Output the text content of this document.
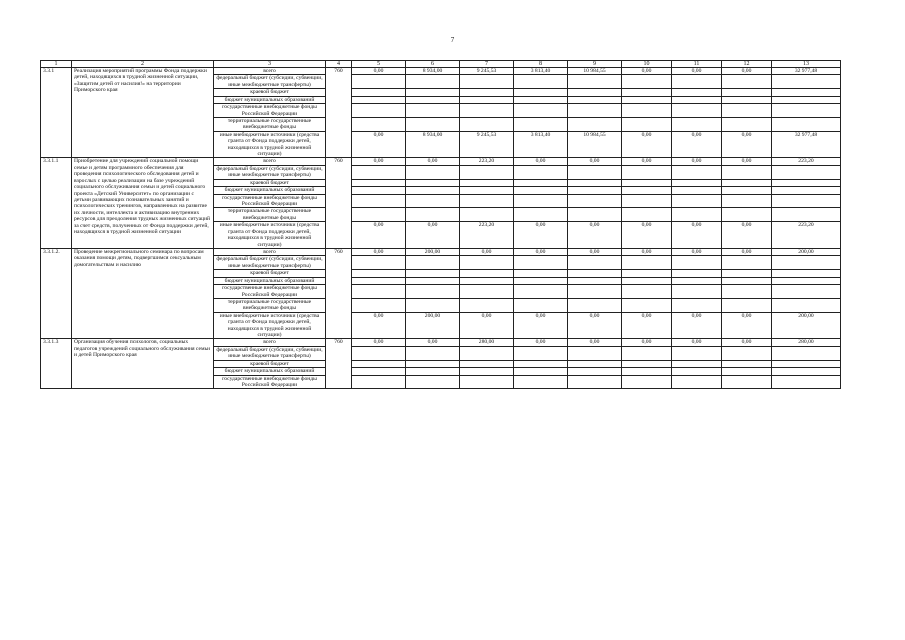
7
1	2	3	4	5	6	7	8	9	10	11	12	13
3.3.1	Реализация мероприятий программы Фонда поддержки детей, находящихся в трудной жизненной ситуации, «Защитим детей от насилия!» на территории Приморского края	всего	760	0,00	8 934,00	9 245,53	3 813,40	10 984,55	0,00	0,00	0,00	32 977,48
		федеральный бюджет (субсидии, субвенции, иные межбюджетные трансферты)										
		краевой бюджет										
		бюджет муниципальных образований										
		государственные внебюджетные фонды Российской Федерации										
		территориальные государственные внебюджетные фонды										
		иные внебюджетные источники (средства гранта от Фонда поддержки детей, находящихся в трудной жизненной ситуации)		0,00	8 934,00	9 245,53	3 813,40	10 984,55	0,00	0,00	0,00	32 977,48
3.3.1.1	Приобретение для учреждений социальной помощи семье и детям программного обеспечения для проведения психологического обследования детей и взрослых с целью реализации на базе учреждений социального обслуживания семьи и детей социального проекта «Детский Университет» по организации с детьми развивающих познавательных занятий и психологических тренингов, направленных на развитие их личности, интеллекта и активизацию внутренних ресурсов для преодоления трудных жизненных ситуаций за счет средств, полученных от Фонда поддержки детей, находящихся в трудной жизненной ситуации	всего	760	0,00	0,00	223,20	0,00	0,00	0,00	0,00	0,00	223,20
		федеральный бюджет (субсидии, субвенции, иные межбюджетные трансферты)										
		краевой бюджет										
		бюджет муниципальных образований										
		государственные внебюджетные фонды Российской Федерации										
		территориальные государственные внебюджетные фонды										
		иные внебюджетные источники (средства гранта от Фонда поддержки детей, находящихся в трудной жизненной ситуации)		0,00	0,00	223,20	0,00	0,00	0,00	0,00	0,00	223,20
3.3.1.2.	Проведение межрегионального семинара по вопросам оказания помощи детям, подвергшимся сексуальным домогательствам и насилию	всего	760	0,00	200,00	0,00	0,00	0,00	0,00	0,00	0,00	200,00
		федеральный бюджет (субсидии, субвенции, иные межбюджетные трансферты)										
		краевой бюджет										
		бюджет муниципальных образований										
		государственные внебюджетные фонды Российской Федерации										
		территориальные государственные внебюджетные фонды										
		иные внебюджетные источники (средства гранта от Фонда поддержки детей, находящихся в трудной жизненной ситуации)		0,00	200,00	0,00	0,00	0,00	0,00	0,00	0,00	200,00
3.3.1.3	Организация обучения психологов, социальных педагогов учреждений социального обслуживания семьи и детей Приморского края	всего	760	0,00	0,00	280,00	0,00	0,00	0,00	0,00	0,00	280,00
		федеральный бюджет (субсидии, субвенции, иные межбюджетные трансферты)										
		краевой бюджет										
		бюджет муниципальных образований										
		государственные внебюджетные фонды Российской Федерации										
